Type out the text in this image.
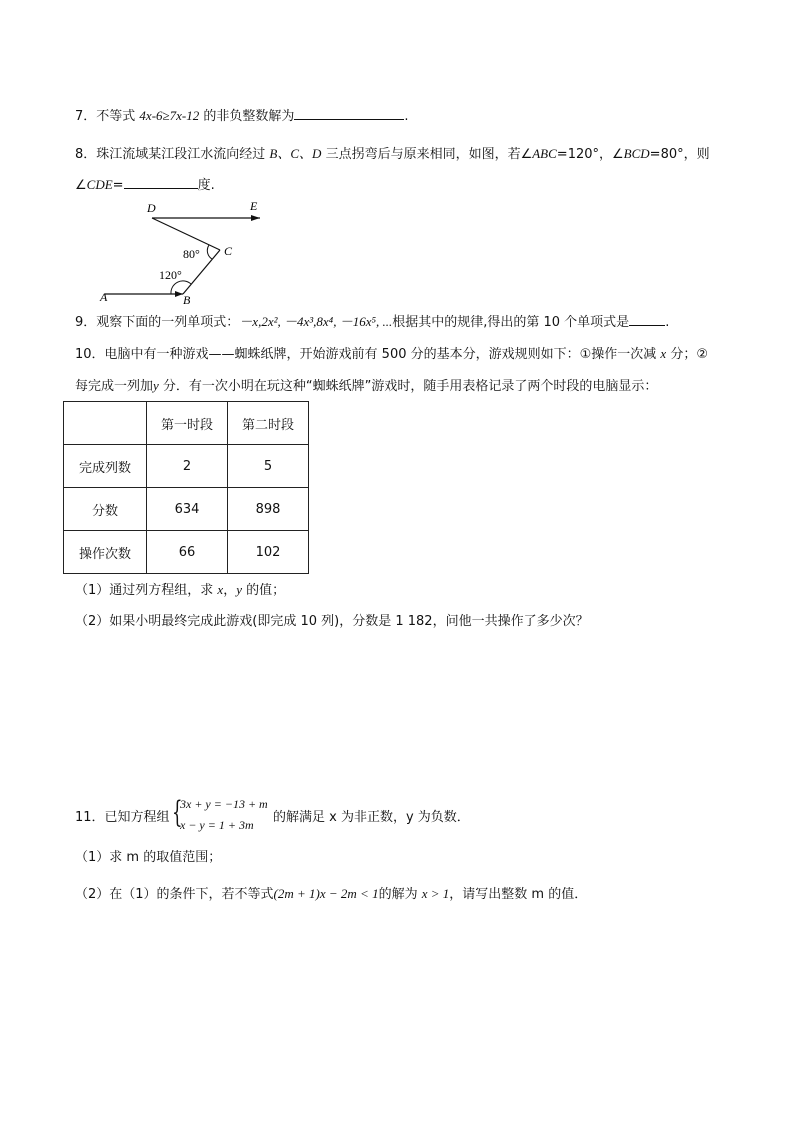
7．不等式 4x-6≥7x-12 的非负整数解为	.
8．珠江流域某江段江水流向经过 B、C、D 三点拐弯后与原来相同，如图，若∠ABC=120°，∠BCD=80°，则
∠CDE=	度.
D	E
C
A	B
80°
120°
9．观察下面的一列单项式：－x,2x², －4x³,8x⁴, －16x⁵, ...根据其中的规律,得出的第 10 个单项式是	.
10．电脑中有一种游戏——蜘蛛纸牌，开始游戏前有 500 分的基本分，游戏规则如下：①操作一次减 x 分；②
每完成一列加y 分．有一次小明在玩这种“蜘蛛纸牌”游戏时，随手用表格记录了两个时段的电脑显示：
	第一时段	第二时段
完成列数	2	5
分数	634	898
操作次数	66	102
（1）通过列方程组，求 x，y 的值；
（2）如果小明最终完成此游戏(即完成 10 列)，分数是 1 182，问他一共操作了多少次？
11．已知方程组 {
3x + y = −13 + m
x − y = 1 + 3m 的解满足 x 为非正数，y 为负数．
（1）求 m 的取值范围；
（2）在（1）的条件下，若不等式(2m + 1)x − 2m < 1的解为 x > 1，请写出整数 m 的值．
